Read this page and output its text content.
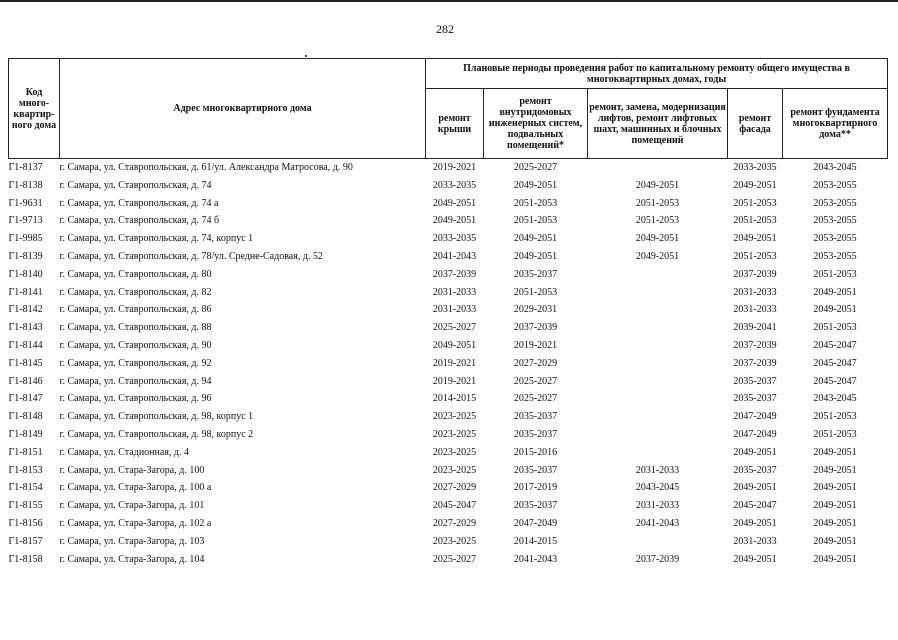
282
Код много-квартир-ного дома	Адрес многоквартирного дома	Плановые периоды проведения работ по капитальному ремонту общего имущества в многоквартирных домах, годы				
		ремонт крыши	ремонт внутридомовых инженерных систем, подвальных помещений*	ремонт, замена, модернизация лифтов, ремонт лифтовых шахт, машинных и блочных помещений	ремонт фасада	ремонт фундамента многоквартирного дома**
Г1-8137	г. Самара, ул. Ставропольская, д. 61/ул. Александра Матросова, д. 90	2019-2021	2025-2027		2033-2035	2043-2045
Г1-8138	г. Самара, ул. Ставропольская, д. 74	2033-2035	2049-2051	2049-2051	2049-2051	2053-2055
Г1-9631	г. Самара, ул. Ставропольская, д. 74 а	2049-2051	2051-2053	2051-2053	2051-2053	2053-2055
Г1-9713	г. Самара, ул. Ставропольская, д. 74 б	2049-2051	2051-2053	2051-2053	2051-2053	2053-2055
Г1-9985	г. Самара, ул. Ставропольская, д. 74, корпус 1	2033-2035	2049-2051	2049-2051	2049-2051	2053-2055
Г1-8139	г. Самара, ул. Ставропольская, д. 78/ул. Средне-Садовая, д. 52	2041-2043	2049-2051	2049-2051	2051-2053	2053-2055
Г1-8140	г. Самара, ул. Ставропольская, д. 80	2037-2039	2035-2037		2037-2039	2051-2053
Г1-8141	г. Самара, ул. Ставропольская, д. 82	2031-2033	2051-2053		2031-2033	2049-2051
Г1-8142	г. Самара, ул. Ставропольская, д. 86	2031-2033	2029-2031		2031-2033	2049-2051
Г1-8143	г. Самара, ул. Ставропольская, д. 88	2025-2027	2037-2039		2039-2041	2051-2053
Г1-8144	г. Самара, ул. Ставропольская, д. 90	2049-2051	2019-2021		2037-2039	2045-2047
Г1-8145	г. Самара, ул. Ставропольская, д. 92	2019-2021	2027-2029		2037-2039	2045-2047
Г1-8146	г. Самара, ул. Ставропольская, д. 94	2019-2021	2025-2027		2035-2037	2045-2047
Г1-8147	г. Самара, ул. Ставропольская, д. 96	2014-2015	2025-2027		2035-2037	2043-2045
Г1-8148	г. Самара, ул. Ставропольская, д. 98, корпус 1	2023-2025	2035-2037		2047-2049	2051-2053
Г1-8149	г. Самара, ул. Ставропольская, д. 98, корпус 2	2023-2025	2035-2037		2047-2049	2051-2053
Г1-8151	г. Самара, ул. Стадионная, д. 4	2023-2025	2015-2016		2049-2051	2049-2051
Г1-8153	г. Самара, ул. Стара-Загора, д. 100	2023-2025	2035-2037	2031-2033	2035-2037	2049-2051
Г1-8154	г. Самара, ул. Стара-Загора, д. 100 а	2027-2029	2017-2019	2043-2045	2049-2051	2049-2051
Г1-8155	г. Самара, ул. Стара-Загора, д. 101	2045-2047	2035-2037	2031-2033	2045-2047	2049-2051
Г1-8156	г. Самара, ул. Стара-Загора, д. 102 а	2027-2029	2047-2049	2041-2043	2049-2051	2049-2051
Г1-8157	г. Самара, ул. Стара-Загора, д. 103	2023-2025	2014-2015		2031-2033	2049-2051
Г1-8158	г. Самара, ул. Стара-Загора, д. 104	2025-2027	2041-2043	2037-2039	2049-2051	2049-2051
